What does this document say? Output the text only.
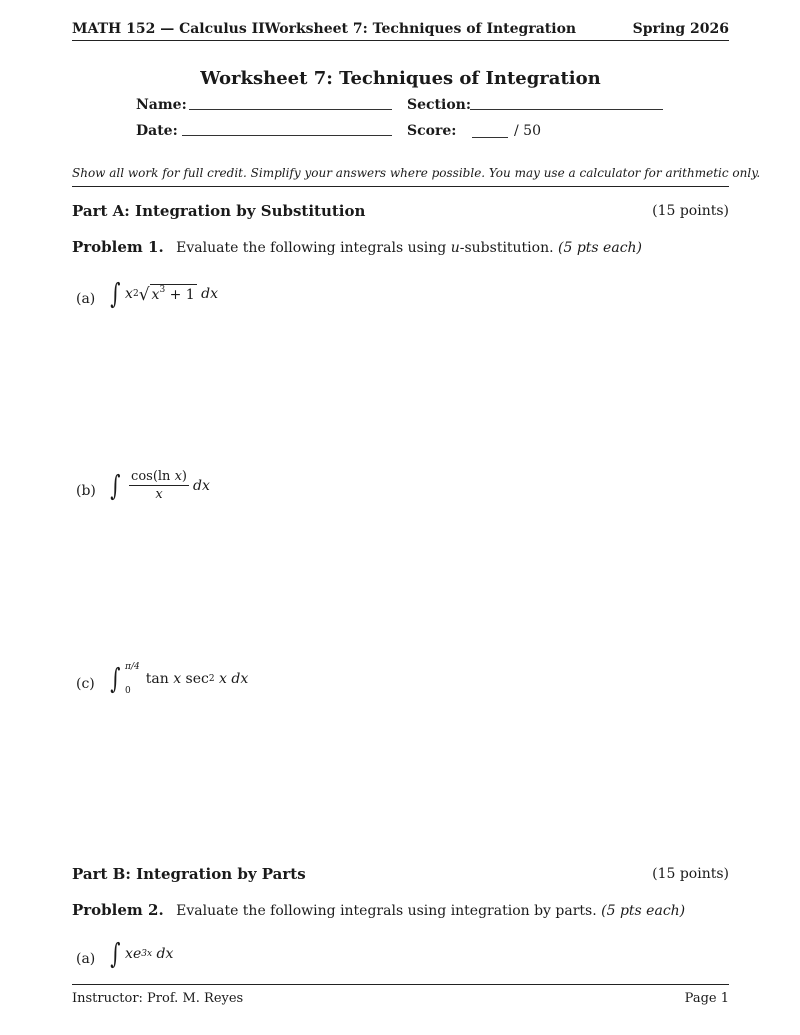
MATH 152 — Calculus IIWorksheet 7: Techniques of Integration	Spring 2026
Worksheet 7: Techniques of Integration
Name:	Section:
Date:	Score:	/ 50
Show all work for full credit. Simplify your answers where possible. You may use a calculator for arithmetic only.
Part A: Integration by Substitution	(15 points)
Problem 1. Evaluate the following integrals using u-substitution. (5 pts each)
(a) ∫ x 2 √ $x^3 + 1$
dx
(b) ∫ $\frac{\text{cos(ln x)}}{x}$ dx
(c) ∫ π/4
0
tan x sec 2
x
dx
Part B: Integration by Parts	(15 points)
Problem 2. Evaluate the following integrals using integration by parts. (5 pts each)
(a) ∫ x e 3x
dx
Instructor: Prof. M. Reyes	Page 1
